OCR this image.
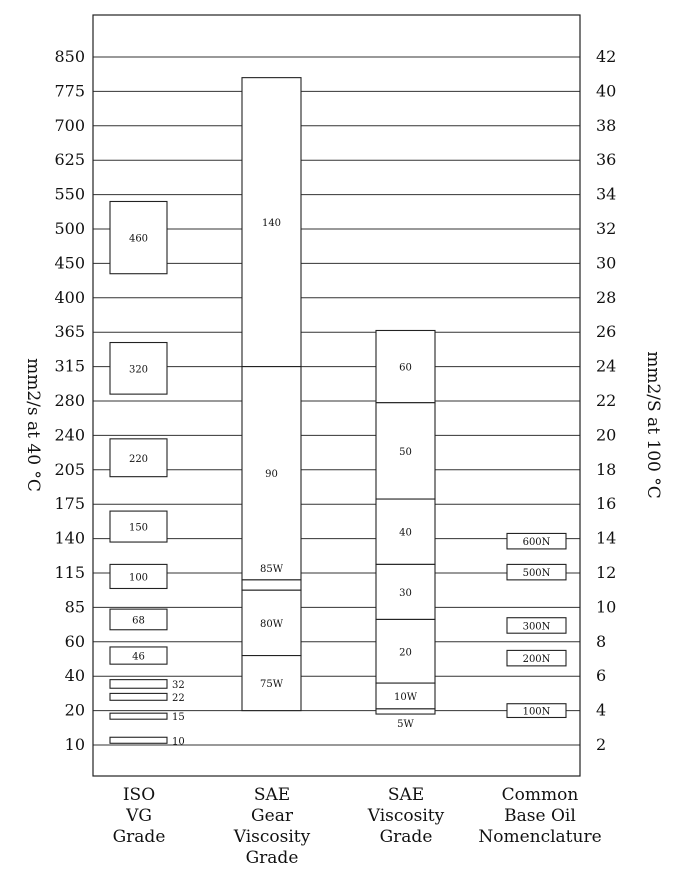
460
320
220
150
100
68
46
32
22
15
10
140
90
85W
80W
75W
60
50
40
30
20
10W
5W
600N
500N
300N
200N
100N
850
775
700
625
550
500
450
400
365
315
280
240
205
175
140
115
85
60
40
20
10
42
40
38
36
34
32
30
28
26
24
22
20
18
16
14
12
10
8
6
4
2
mm2/s at 40 °C	mm2/S at 100 °C
ISO
VG
Grade
SAE
Gear
Viscosity
Grade
SAE
Viscosity
Grade
Common
Base Oil
Nomenclature
